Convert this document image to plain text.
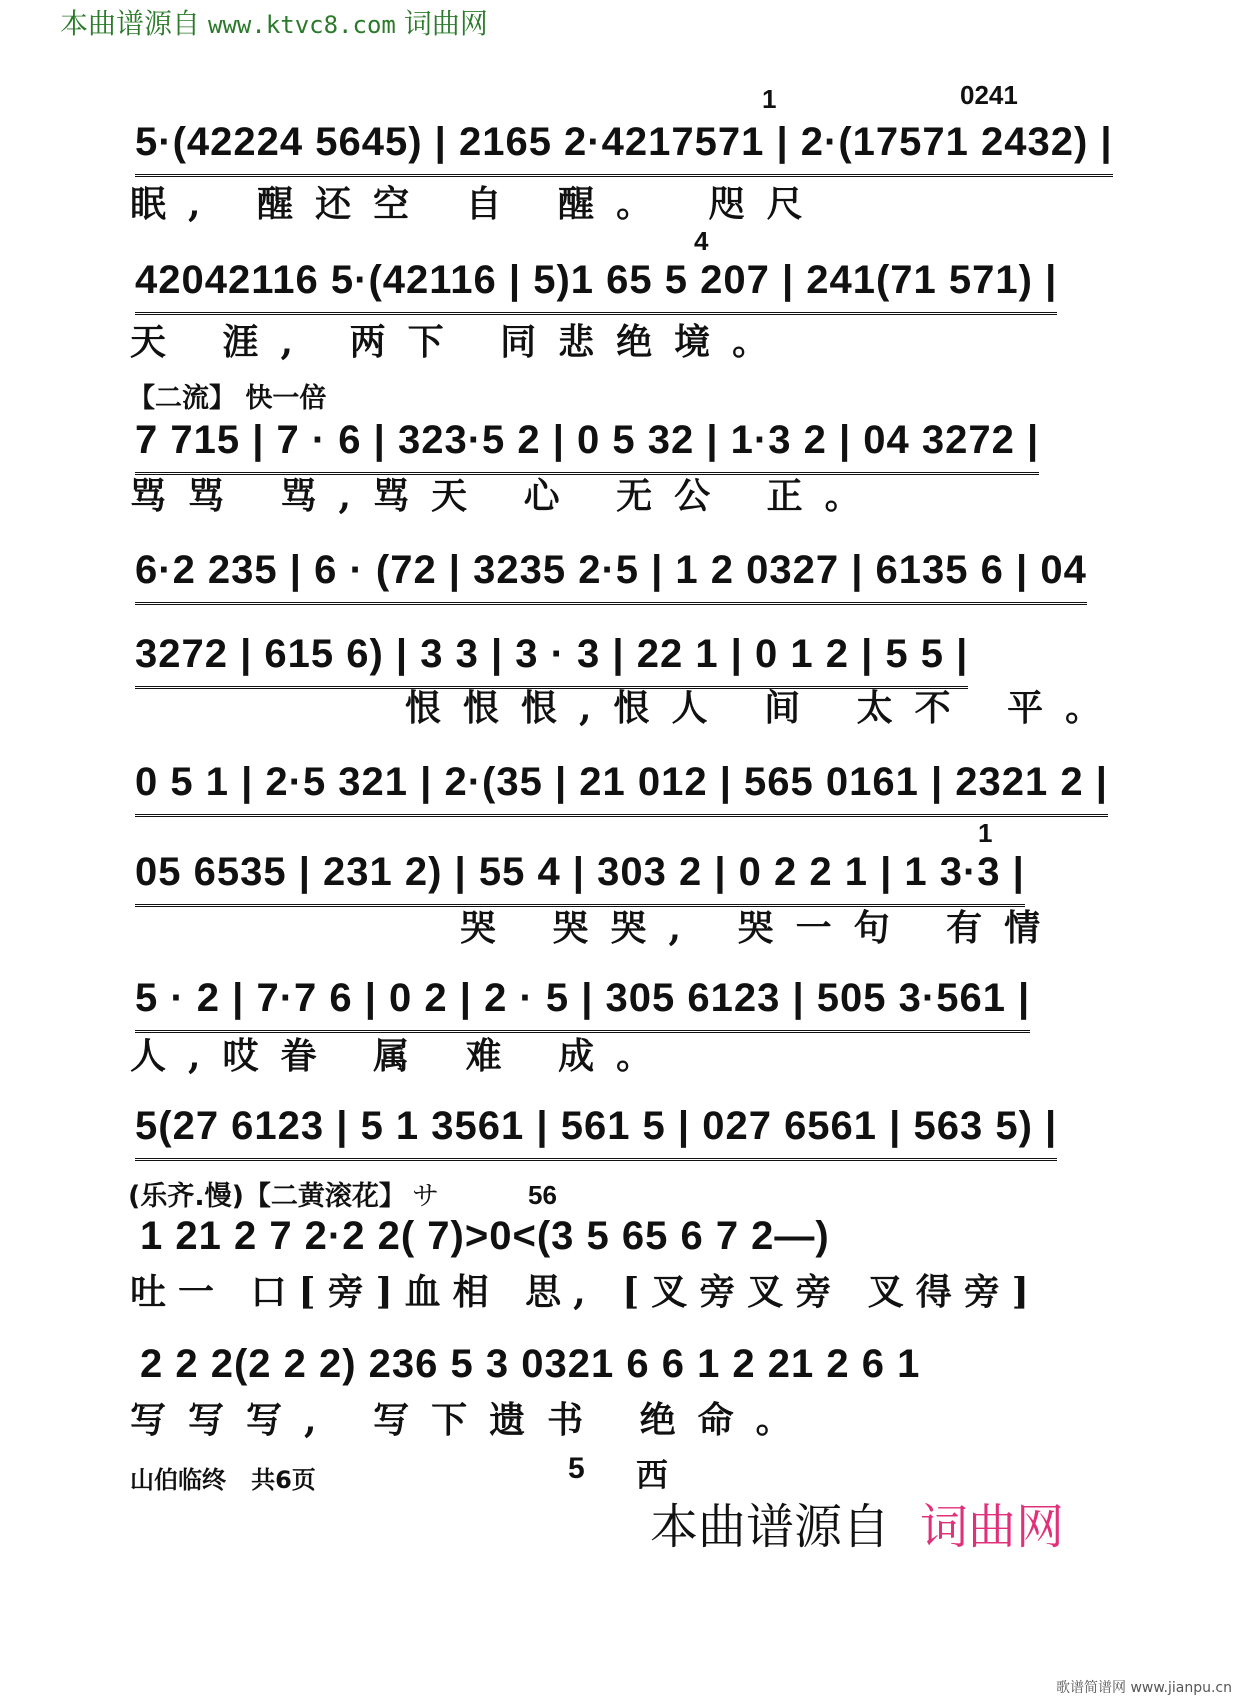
本曲谱源自 www.ktvc8.com 词曲网
1	0241
5·(42224 5645) | 2165 2·4217571 | 2·(17571 2432) |
眠, 醒还空 自 醒。 咫尺
4
42042116 5·(42116 | 5)1 65 5 207 | 241(71 571) |
天 涯, 两下 同悲绝境。
【二流】 快一倍
7 715 | 7 · 6 | 323·5 2 | 0 5 32 | 1·3 2 | 04 3272 |
骂骂 骂,骂天 心 无公 正。
6·2 235 | 6 · (72 | 3235 2·5 | 1 2 0327 | 6135 6 | 04
3272 | 615 6) | 3 3 | 3 · 3 | 22 1 | 0 1 2 | 5 5 |
恨恨恨,恨人 间 太不 平。
0 5 1 | 2·5 321 | 2·(35 | 21 012 | 565 0161 | 2321 2 |
1
05 6535 | 231 2) | 55 4 | 303 2 | 0 2 2 1 | 1 3·3 |
哭 哭哭, 哭一句 有情
5 · 2 | 7·7 6 | 0 2 | 2 · 5 | 305 6123 | 505 3·561 |
人,哎眷 属 难 成。
5(27 6123 | 5 1 3561 | 561 5 | 027 6561 | 563 5) |
(乐齐.慢)【二黄滚花】 サ	56
1 21 2 7 2·2 2( 7)>0<(3 5 65 6 7 2—)
吐一 口[旁]血相 思, [叉旁叉旁 叉得旁]
2 2 2(2 2 2) 236 5 3 0321 6 6 1 2 21 2 6 1
写写写, 写下遗书 绝命。
山伯临终 共6页	5 西
本曲谱源自 词曲网
歌谱简谱网 www.jianpu.cn
